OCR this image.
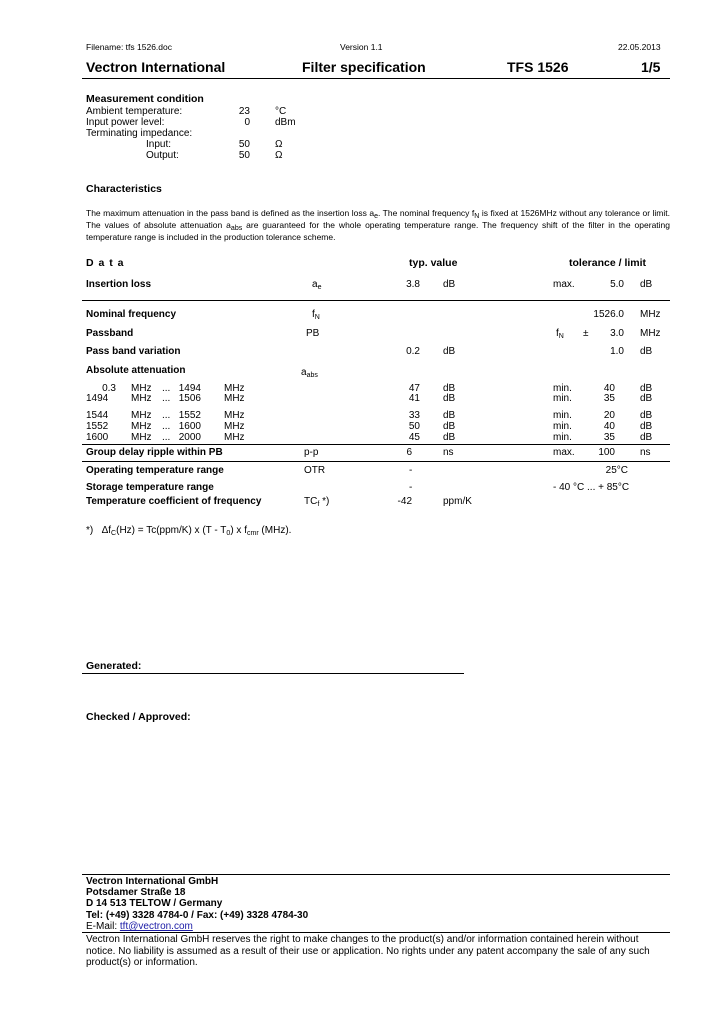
Filename: tfs 1526.doc	Version 1.1	22.05.2013
Vectron International	Filter specification	TFS 1526	1/5
Measurement condition
Ambient temperature:	23	°C
Input power level:	0	dBm
Terminating impedance:
Input:	50	Ω
Output:	50	Ω
Characteristics
The maximum attenuation in the pass band is defined as the insertion loss $a_e$. The nominal frequency $f_N$ is fixed at 1526MHz without any tolerance or limit. The values of absolute attenuation $a_{abs}$ are guaranteed for the whole operating temperature range. The frequency shift of the filter in the operating temperature range is included in the production tolerance scheme.
D a t a	typ. value	tolerance / limit
Insertion loss	$a_e$	3.8 dB	max.	5.0 dB
Nominal frequency	$f_N$	1526.0 MHz
Passband	PB	$f_N$ ±	3.0 MHz
Pass band variation	0.2 dB	1.0 dB
Absolute attenuation	$a_{abs}$
0.3 MHz ... 1494 MHz	47 dB	min.	40	dB
1494 MHz ... 1506 MHz	41 dB	min.	35	dB
1544 MHz ... 1552 MHz	33 dB	min.	20	dB
1552 MHz ... 1600 MHz	50 dB	min.	40	dB
1600 MHz ... 2000 MHz	45 dB	min.	35	dB
Group delay ripple within PB	p-p	6	ns	max.	100	ns
Operating temperature range	OTR	-	25°C
Storage temperature range	-	- 40 °C ... + 85°C
Temperature coefficient of frequency	$TC_f$ *)	-42	ppm/K
*) $\Delta f_C(Hz) = Tc(ppm/K)$ x $(T - T_0)$ x $f_{cmr}$ (MHz).
Generated:
Checked / Approved:
Vectron International GmbH
Potsdamer Straße 18
D 14 513 TELTOW / Germany
Tel: (+49) 3328 4784-0 / Fax: (+49) 3328 4784-30
E-Mail: tft@vectron.com
Vectron International GmbH reserves the right to make changes to the product(s) and/or information contained herein without notice. No liability is assumed as a result of their use or application. No rights under any patent accompany the sale of any such product(s) or information.
